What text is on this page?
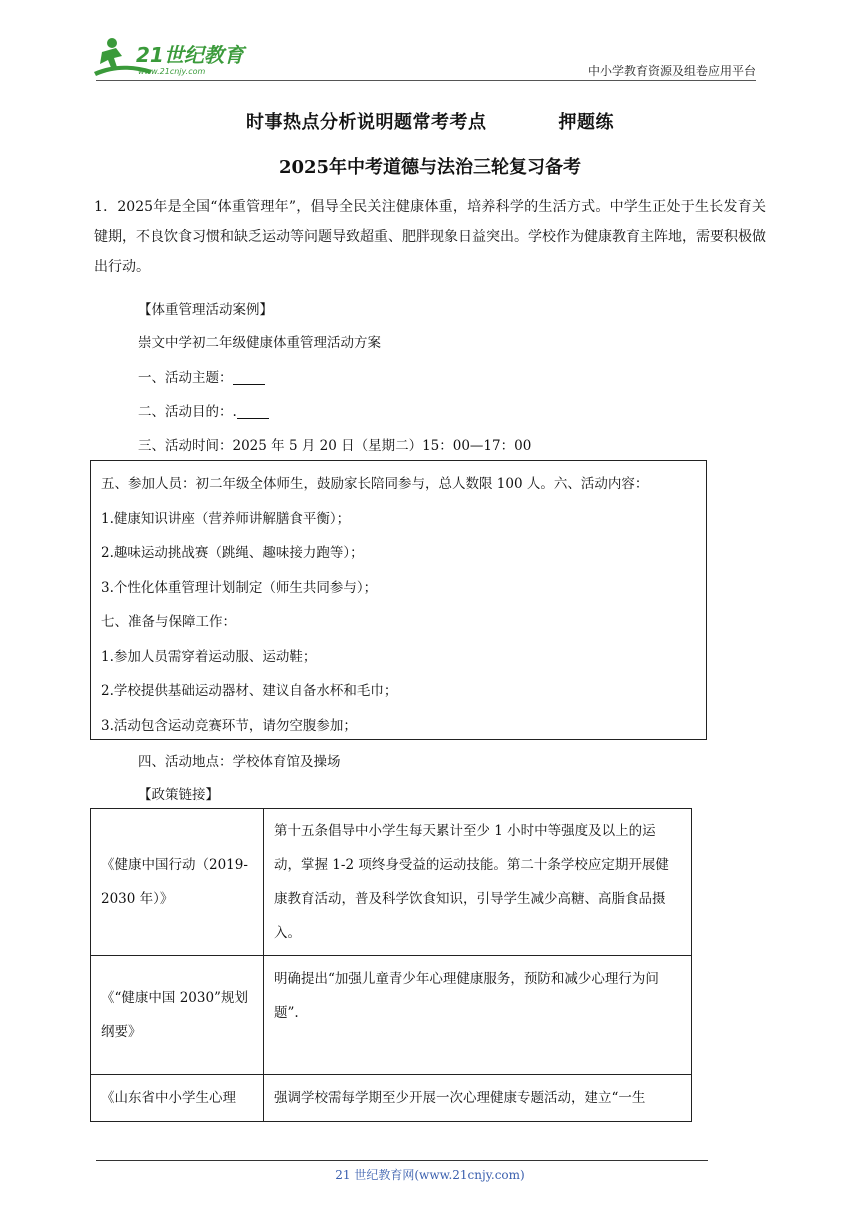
21世纪教育
www.21cnjy.com	中小学教育资源及组卷应用平台
时事热点分析说明题常考考点	押题练
2025年中考道德与法治三轮复习备考
1．2025年是全国“体重管理年”，倡导全民关注健康体重，培养科学的生活方式。中学生正处于生长发育关键期，不良饮食习惯和缺乏运动等问题导致超重、肥胖现象日益突出。学校作为健康教育主阵地，需要积极做出行动。
【体重管理活动案例】
崇文中学初二年级健康体重管理活动方案
一、活动主题：
二、活动目的：.
三、活动时间：2025 年 5 月 20 日（星期二）15：00—17：00
五、参加人员：初二年级全体师生，鼓励家长陪同参与，总人数限 100 人。六、活动内容：
1.健康知识讲座（营养师讲解膳食平衡）；
2.趣味运动挑战赛（跳绳、趣味接力跑等）；
3.个性化体重管理计划制定（师生共同参与）；
七、准备与保障工作：
1.参加人员需穿着运动服、运动鞋；
2.学校提供基础运动器材、建议自备水杯和毛巾；
3.活动包含运动竞赛环节，请勿空腹参加；
四、活动地点：学校体育馆及操场
【政策链接】
《健康中国行动（2019-2030 年）》	第十五条倡导中小学生每天累计至少 1 小时中等强度及以上的运动，掌握 1-2 项终身受益的运动技能。第二十条学校应定期开展健康教育活动，普及科学饮食知识，引导学生减少高糖、高脂食品摄入。
《“健康中国 2030”规划纲要》	明确提出“加强儿童青少年心理健康服务，预防和减少心理行为问题”.
《山东省中小学生心理	强调学校需每学期至少开展一次心理健康专题活动，建立“一生
21 世纪教育网(www.21cnjy.com)
